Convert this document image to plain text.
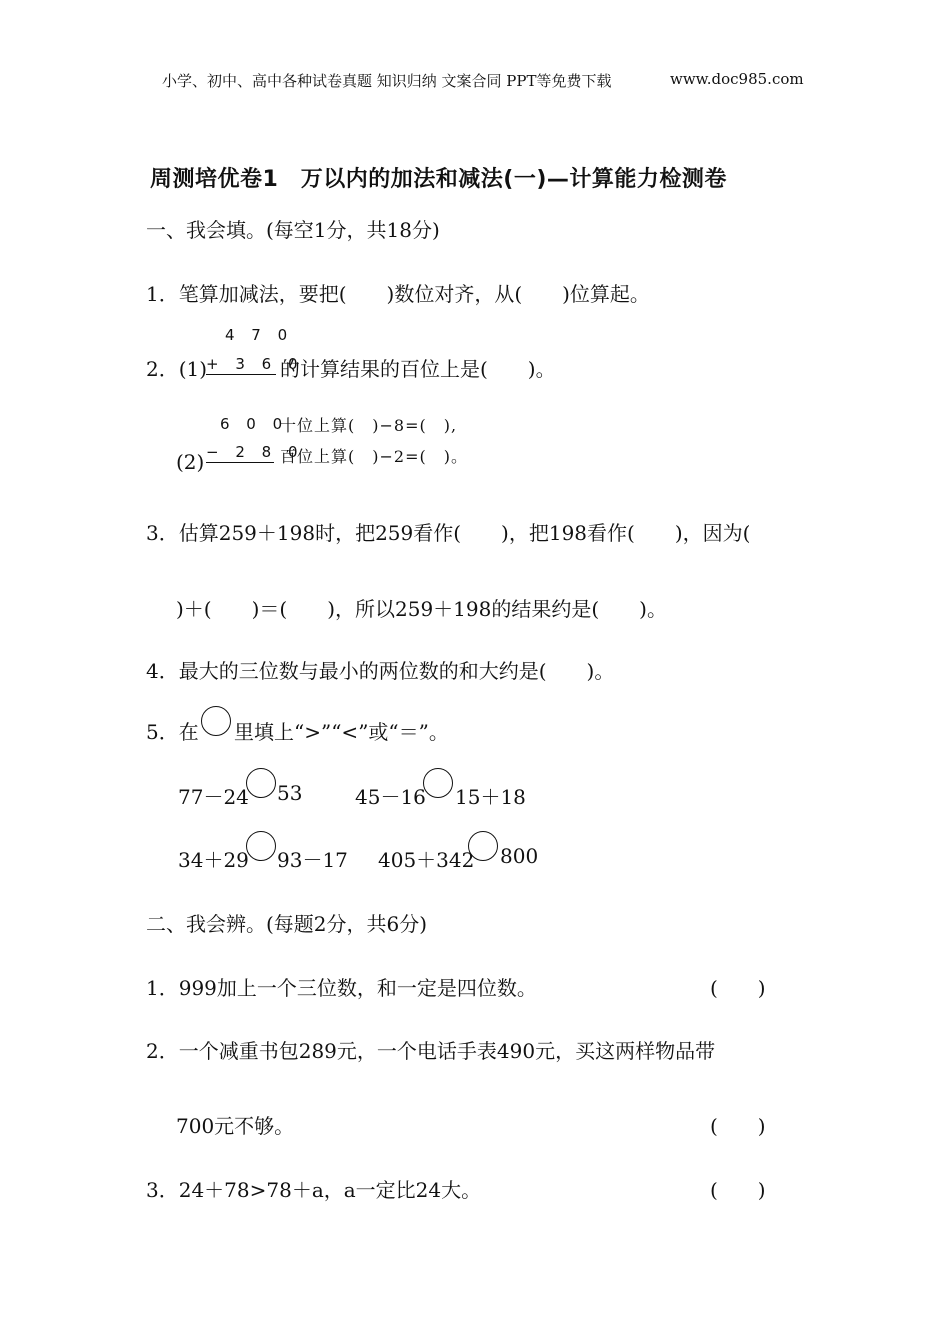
小学、初中、高中各种试卷真题 知识归纳 文案合同 PPT等免费下载	www.doc985.com
周测培优卷1　万以内的加法和减法(一)—计算能力检测卷
一、我会填。(每空1分，共18分)
1．笔算加减法，要把(　　)数位对齐，从(　　)位算起。
4 7 0
2．(1)
+ 3 6 0
的计算结果的百位上是(　　)。
6 0 0
十位上算(　)−8=(　),
(2) − 2 8 0
百位上算(　)−2=(　)。
3．估算259＋198时，把259看作(　　)，把198看作(　　)，因为(
)＋(　　)＝(　　)，所以259＋198的结果约是(　　)。
4．最大的三位数与最小的两位数的和大约是(　　)。
5．在 里填上“>”“<”或“＝”。
77－24 53	45－16 15＋18
34＋29 93－17 405＋342 800
二、我会辨。(每题2分，共6分)
1．999加上一个三位数，和一定是四位数。	(　　)
2．一个减重书包289元，一个电话手表490元，买这两样物品带
700元不够。	(　　)
3．24＋78>78＋a，a一定比24大。	(　　)
